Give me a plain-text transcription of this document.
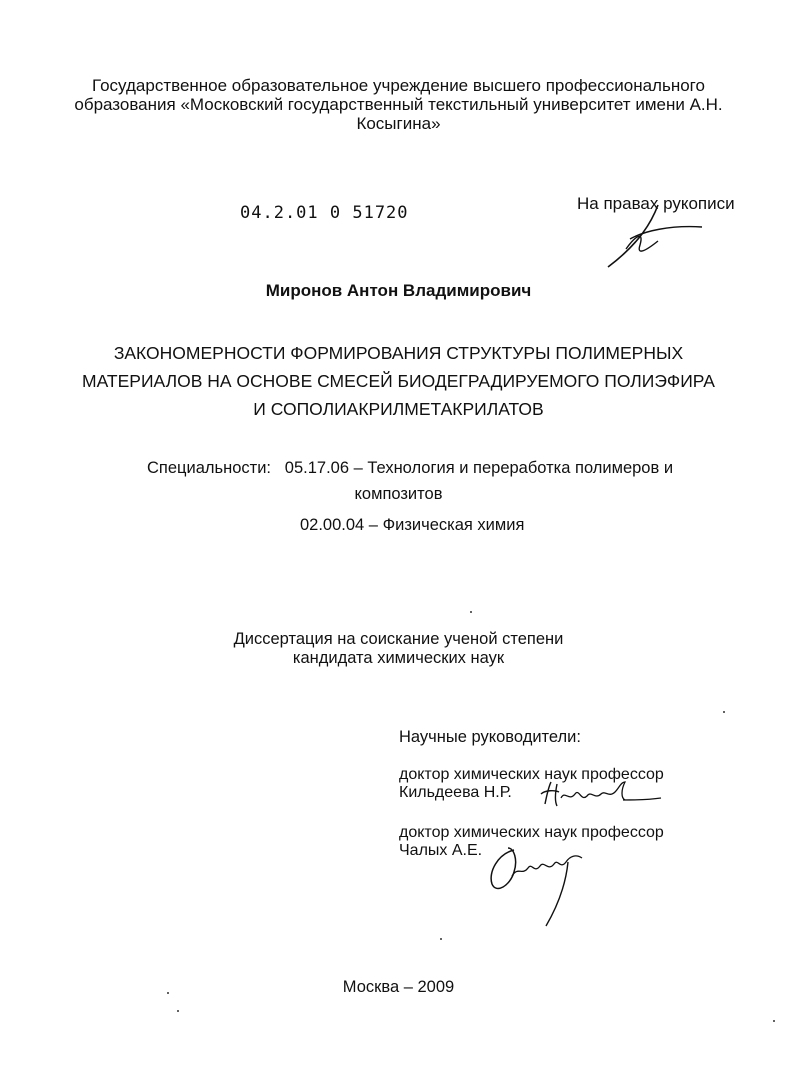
Государственное образовательное учреждение высшего профессионального
образования «Московский государственный текстильный университет имени А.Н.
Косыгина»
04.2.01 0 51720	На правах рукописи
Миронов Антон Владимирович
ЗАКОНОМЕРНОСТИ ФОРМИРОВАНИЯ СТРУКТУРЫ ПОЛИМЕРНЫХ
МАТЕРИАЛОВ НА ОСНОВЕ СМЕСЕЙ БИОДЕГРАДИРУЕМОГО ПОЛИЭФИРА
И СОПОЛИАКРИЛМЕТАКРИЛАТОВ
Специальности: 05.17.06 – Технология и переработка полимеров и
композитов
02.00.04 – Физическая химия
Диссертация на соискание ученой степени
кандидата химических наук
Научные руководители:
доктор химических наук профессор
Кильдеева Н.Р.
доктор химических наук профессор
Чалых А.Е.
Москва – 2009
